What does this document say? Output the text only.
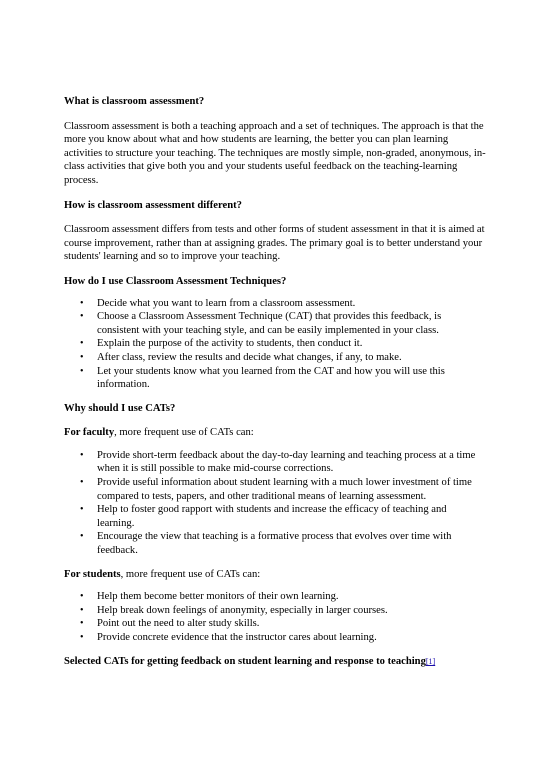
What is classroom assessment?

Classroom assessment is both a teaching approach and a set of techniques. The approach is that the more you know about what and how students are learning, the better you can plan learning activities to structure your teaching. The techniques are mostly simple, non-graded, anonymous, in-class activities that give both you and your students useful feedback on the teaching-learning process.

How is classroom assessment different?

Classroom assessment differs from tests and other forms of student assessment in that it is aimed at course improvement, rather than at assigning grades. The primary goal is to better understand your students' learning and so to improve your teaching.

How do I use Classroom Assessment Techniques?
• Decide what you want to learn from a classroom assessment.
• Choose a Classroom Assessment Technique (CAT) that provides this feedback, is consistent with your teaching style, and can be easily implemented in your class.
• Explain the purpose of the activity to students, then conduct it.
• After class, review the results and decide what changes, if any, to make.
• Let your students know what you learned from the CAT and how you will use this information.
Why should I use CATs?

For faculty, more frequent use of CATs can:

• Provide short-term feedback about the day-to-day learning and teaching process at a time when it is still possible to make mid-course corrections.
• Provide useful information about student learning with a much lower investment of time compared to tests, papers, and other traditional means of learning assessment.
• Help to foster good rapport with students and increase the efficacy of teaching and learning.
• Encourage the view that teaching is a formative process that evolves over time with feedback.

For students, more frequent use of CATs can:

• Help them become better monitors of their own learning.
• Help break down feelings of anonymity, especially in larger courses.
• Point out the need to alter study skills.
• Provide concrete evidence that the instructor cares about learning.
Selected CATs for getting feedback on student learning and response to teaching[1]
